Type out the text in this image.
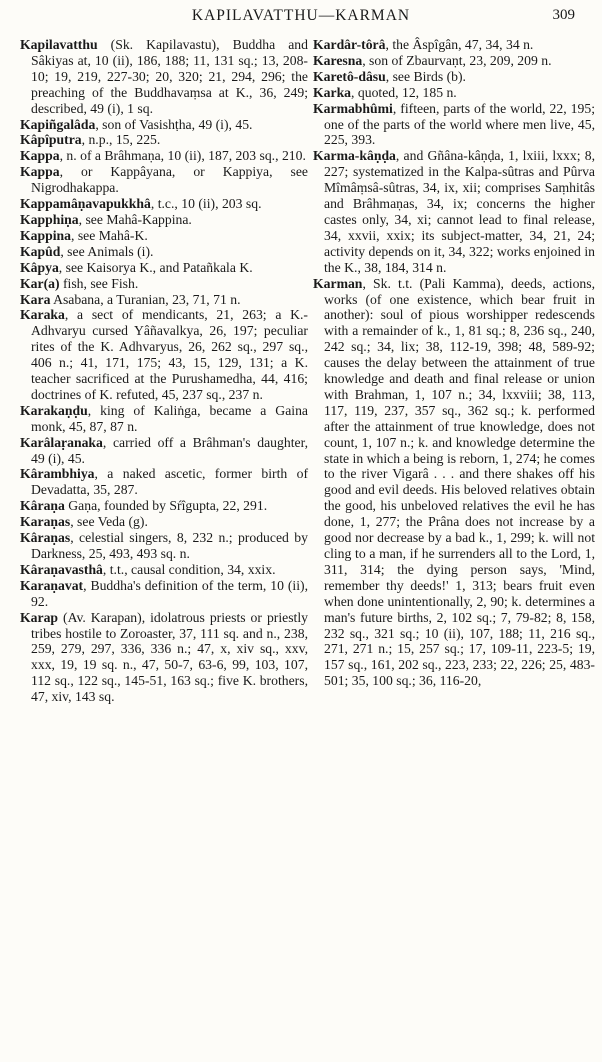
KAPILAVATTHU—KARMAN	309

Kapilavatthu (Sk. Kapilavastu), Buddha and Sâkiyas at, 10 (ii), 186, 188; 11, 131 sq.; 13, 208-10; 19, 219, 227-30; 20, 320; 21, 294, 296; the preaching of the Buddhavaṃsa at K., 36, 249; described, 49 (i), 1 sq.

Kapiñgalâda, son of Vasishṭha, 49 (i), 45.

Kâpîputra, n.p., 15, 225.

Kappa, n. of a Brâhmaṇa, 10 (ii), 187, 203 sq., 210.

Kappa, or Kappâyana, or Kappiya, see Nigrodhakappa.

Kappamâṇavapukkhâ, t.c., 10 (ii), 203 sq.

Kapphiṇa, see Mahâ-Kappina.

Kappina, see Mahâ-K.

Kapûd, see Animals (i).

Kâpya, see Kaisorya K., and Patañkala K.

Kar(a) fish, see Fish.

Kara Asabana, a Turanian, 23, 71, 71 n.

Karaka, a sect of mendicants, 21, 263; a K.-Adhvaryu cursed Yâñavalkya, 26, 197; peculiar rites of the K. Adhvaryus, 26, 262 sq., 297 sq., 406 n.; 41, 171, 175; 43, 15, 129, 131; a K. teacher sacrificed at the Purushamedha, 44, 416; doctrines of K. refuted, 45, 237 sq., 237 n.

Karakaṇḍu, king of Kaliṅga, became a Gaina monk, 45, 87, 87 n.

Karâlaṛanaka, carried off a Brâhman's daughter, 49 (i), 45.

Kârambhiya, a naked ascetic, former birth of Devadatta, 35, 287.

Kâraṇa Gaṇa, founded by Sŕîgupta, 22, 291.

Karaṇas, see Veda (g).

Kâraṇas, celestial singers, 8, 232 n.; produced by Darkness, 25, 493, 493 sq. n.

Kâraṇavasthâ, t.t., causal condition, 34, xxix.

Karaṇavat, Buddha's definition of the term, 10 (ii), 92.

Karap (Av. Karapan), idolatrous priests or priestly tribes hostile to Zoroaster, 37, 111 sq. and n., 238, 259, 279, 297, 336, 336 n.; 47, x, xiv sq., xxv, xxx, 19, 19 sq. n., 47, 50-7, 63-6, 99, 103, 107, 112 sq., 122 sq., 145-51, 163 sq.; five K. brothers, 47, xiv, 143 sq.

Kardâr-tôrâ, the Âspîgân, 47, 34, 34 n.

Karesna, son of Zbaurvaṇt, 23, 209, 209 n.

Karetô-dâsu, see Birds (b).

Karka, quoted, 12, 185 n.

Karmabhûmi, fifteen, parts of the world, 22, 195; one of the parts of the world where men live, 45, 225, 393.

Karma-kâṇḍa, and Gñâna-kâṇḍa, 1, lxiii, lxxx; 8, 227; systematized in the Kalpa-sûtras and Pûrva Mîmâṃsâ-sûtras, 34, ix, xii; comprises Saṃhitâs and Brâhmaṇas, 34, ix; concerns the higher castes only, 34, xi; cannot lead to final release, 34, xxvii, xxix; its subject-matter, 34, 21, 24; activity depends on it, 34, 322; works enjoined in the K., 38, 184, 314 n.

Karman, Sk. t.t. (Pali Kamma), deeds, actions, works (of one existence, which bear fruit in another): soul of pious worshipper redescends with a remainder of k., 1, 81 sq.; 8, 236 sq., 240, 242 sq.; 34, lix; 38, 112-19, 398; 48, 589-92; causes the delay between the attainment of true knowledge and death and final release or union with Brahman, 1, 107 n.; 34, lxxviii; 38, 113, 117, 119, 237, 357 sq., 362 sq.; k. performed after the attainment of true knowledge, does not count, 1, 107 n.; k. and knowledge determine the state in which a being is reborn, 1, 274; he comes to the river Vigarâ . . . and there shakes off his good and evil deeds. His beloved relatives obtain the good, his unbeloved relatives the evil he has done, 1, 277; the Prâna does not increase by a good nor decrease by a bad k., 1, 299; k. will not cling to a man, if he surrenders all to the Lord, 1, 311, 314; the dying person says, 'Mind, remember thy deeds!' 1, 313; bears fruit even when done unintentionally, 2, 90; k. determines a man's future births, 2, 102 sq.; 7, 79-82; 8, 158, 232 sq., 321 sq.; 10 (ii), 107, 188; 11, 216 sq., 271, 271 n.; 15, 257 sq.; 17, 109-11, 223-5; 19, 157 sq., 161, 202 sq., 223, 233; 22, 226; 25, 483-501; 35, 100 sq.; 36, 116-20,
